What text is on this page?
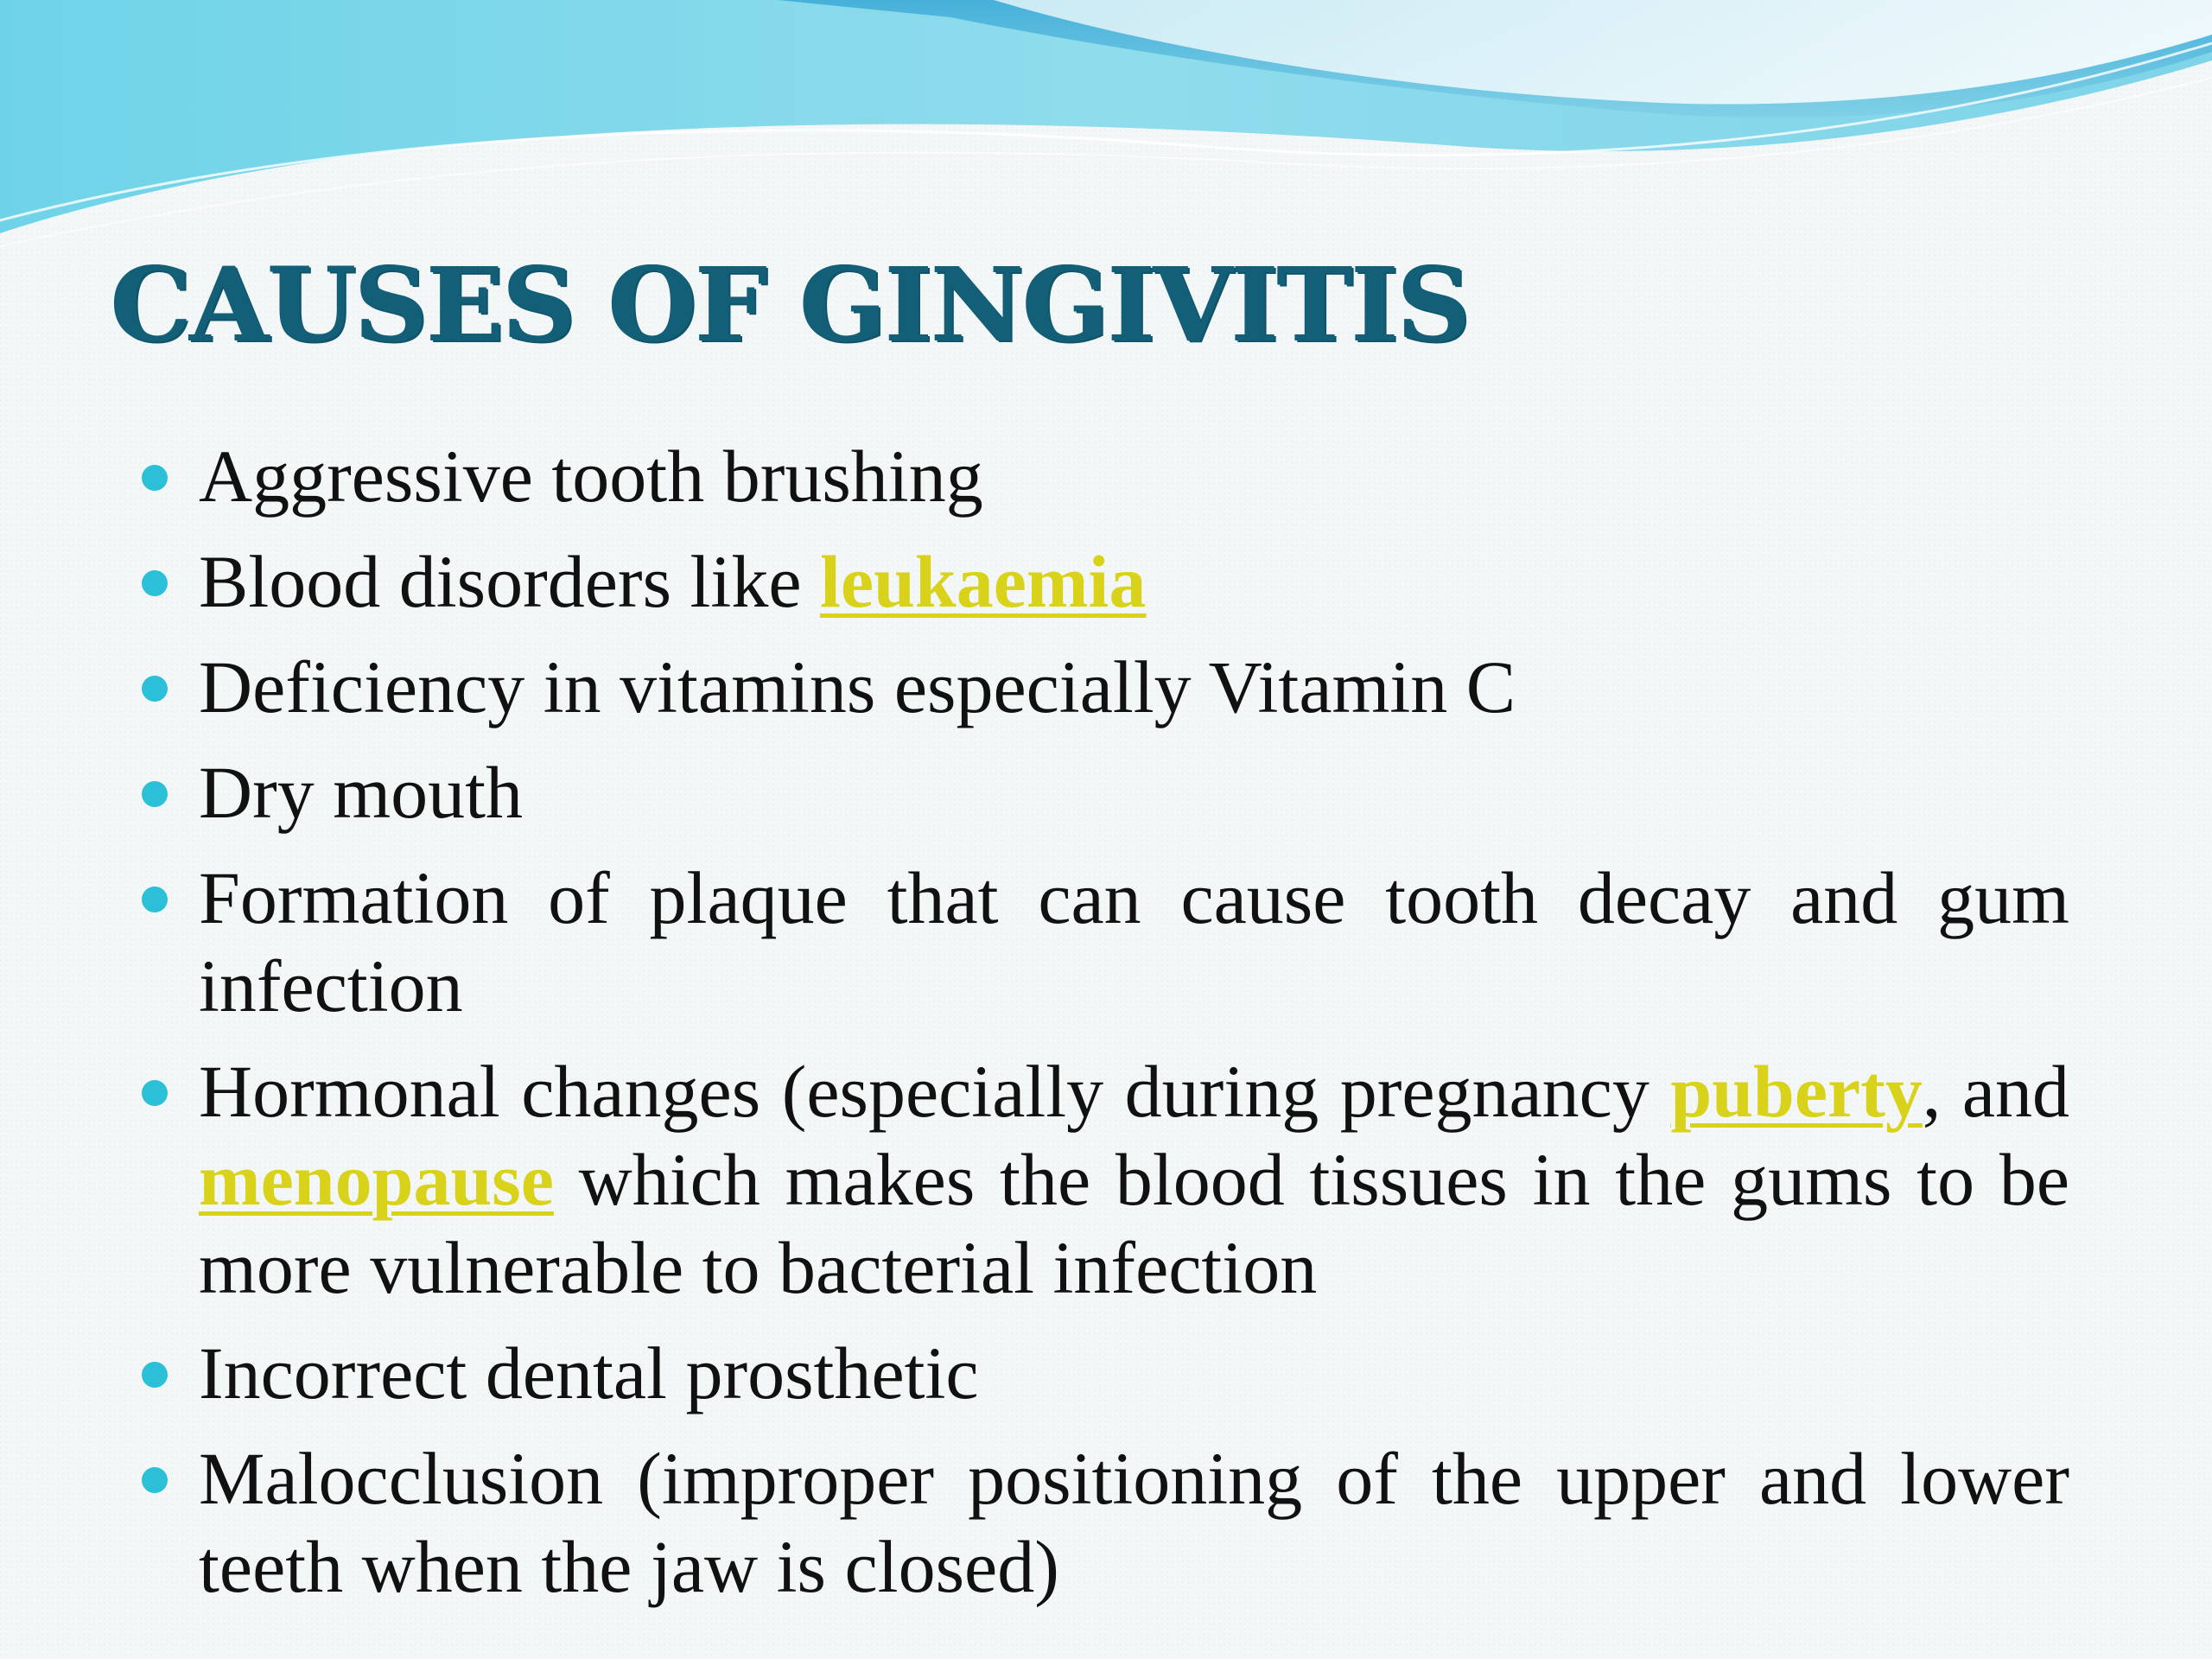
CAUSES OF GINGIVITIS
Aggressive tooth brushing
Blood disorders like leukaemia
Deficiency in vitamins especially Vitamin C
Dry mouth
Formation of plaque that can cause tooth decay and gum infection
Hormonal changes (especially during pregnancy puberty, and menopause which makes the blood tissues in the gums to be more vulnerable to bacterial infection
Incorrect dental prosthetic
Malocclusion (improper positioning of the upper and lower teeth when the jaw is closed)
